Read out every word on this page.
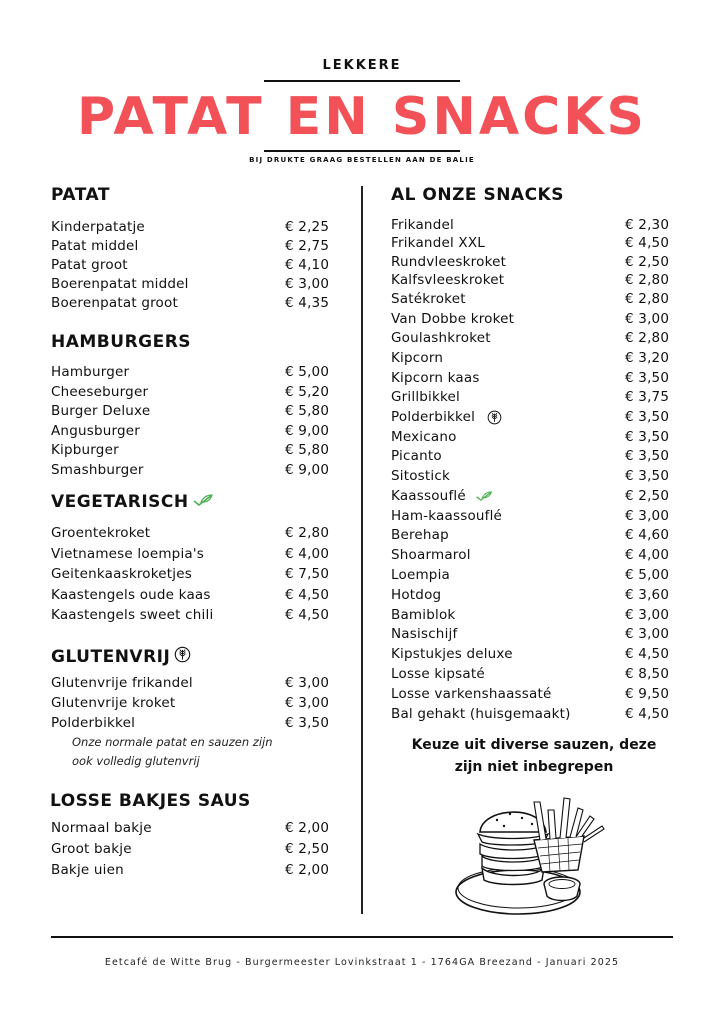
LEKKERE
PATAT EN SNACKS
BIJ DRUKTE GRAAG BESTELLEN AAN DE BALIE
PATAT
Kinderpatatje	€ 2,25
Patat middel	€ 2,75
Patat groot	€ 4,10
Boerenpatat middel	€ 3,00
Boerenpatat groot	€ 4,35
HAMBURGERS
Hamburger	€ 5,00
Cheeseburger	€ 5,20
Burger Deluxe	€ 5,80
Angusburger	€ 9,00
Kipburger	€ 5,80
Smashburger	€ 9,00
VEGETARISCH
Groentekroket	€ 2,80
Vietnamese loempia's	€ 4,00
Geitenkaaskroketjes	€ 7,50
Kaastengels oude kaas	€ 4,50
Kaastengels sweet chili	€ 4,50
GLUTENVRIJ
Glutenvrije frikandel	€ 3,00
Glutenvrije kroket	€ 3,00
Polderbikkel	€ 3,50
Onze normale patat en sauzen zijn
ook volledig glutenvrij
LOSSE BAKJES SAUS
Normaal bakje	€ 2,00
Groot bakje	€ 2,50
Bakje uien	€ 2,00
AL ONZE SNACKS
Frikandel	€ 2,30
Frikandel XXL	€ 4,50
Rundvleeskroket	€ 2,50
Kalfsvleeskroket	€ 2,80
Satékroket	€ 2,80
Van Dobbe kroket	€ 3,00
Goulashkroket	€ 2,80
Kipcorn	€ 3,20
Kipcorn kaas	€ 3,50
Grillbikkel	€ 3,75
Polderbikkel	€ 3,50
Mexicano	€ 3,50
Picanto	€ 3,50
Sitostick	€ 3,50
Kaassouflé	€ 2,50
Ham-kaassouflé	€ 3,00
Berehap	€ 4,60
Shoarmarol	€ 4,00
Loempia	€ 5,00
Hotdog	€ 3,60
Bamiblok	€ 3,00
Nasischijf	€ 3,00
Kipstukjes deluxe	€ 4,50
Losse kipsaté	€ 8,50
Losse varkenshaassaté	€ 9,50
Bal gehakt (huisgemaakt)	€ 4,50
Keuze uit diverse sauzen, deze
zijn niet inbegrepen
Eetcafé de Witte Brug - Burgermeester Lovinkstraat 1 - 1764GA Breezand - Januari 2025
